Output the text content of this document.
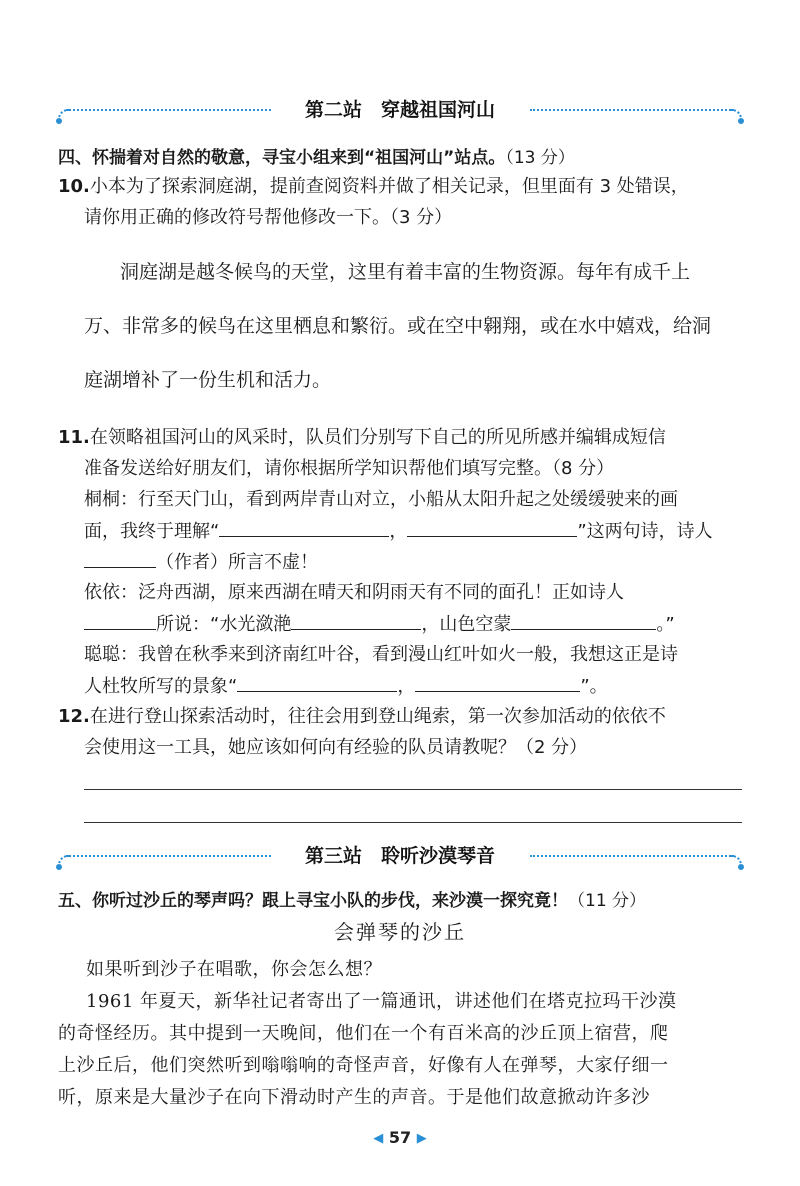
第二站　穿越祖国河山
四、怀揣着对自然的敬意，寻宝小组来到“祖国河山”站点。（13 分）
10.小本为了探索洞庭湖，提前查阅资料并做了相关记录，但里面有 3 处错误，
请你用正确的修改符号帮他修改一下。（3 分）
洞庭湖是越冬候鸟的天堂，这里有着丰富的生物资源。每年有成千上
万、非常多的候鸟在这里栖息和繁衍。或在空中翱翔，或在水中嬉戏，给洞
庭湖增补了一份生机和活力。
11.在领略祖国河山的风采时，队员们分别写下自己的所见所感并编辑成短信
准备发送给好朋友们，请你根据所学知识帮他们填写完整。（8 分）
桐桐：行至天门山，看到两岸青山对立，小船从太阳升起之处缓缓驶来的画
面，我终于理解“	，	”这两句诗，诗人
（作者）所言不虚！
依依：泛舟西湖，原来西湖在晴天和阴雨天有不同的面孔！正如诗人
所说：“水光潋滟	，山色空蒙	。”
聪聪：我曾在秋季来到济南红叶谷，看到漫山红叶如火一般，我想这正是诗
人杜牧所写的景象“	，	”。
12.在进行登山探索活动时，往往会用到登山绳索，第一次参加活动的依依不
会使用这一工具，她应该如何向有经验的队员请教呢？（2 分）
第三站　聆听沙漠琴音
五、你听过沙丘的琴声吗？跟上寻宝小队的步伐，来沙漠一探究竟！（11 分）
会弹琴的沙丘
如果听到沙子在唱歌，你会怎么想？
1961 年夏天，新华社记者寄出了一篇通讯，讲述他们在塔克拉玛干沙漠
的奇怪经历。其中提到一天晚间，他们在一个有百米高的沙丘顶上宿营，爬
上沙丘后，他们突然听到嗡嗡响的奇怪声音，好像有人在弹琴，大家仔细一
听，原来是大量沙子在向下滑动时产生的声音。于是他们故意掀动许多沙
◀ 57 ▶
